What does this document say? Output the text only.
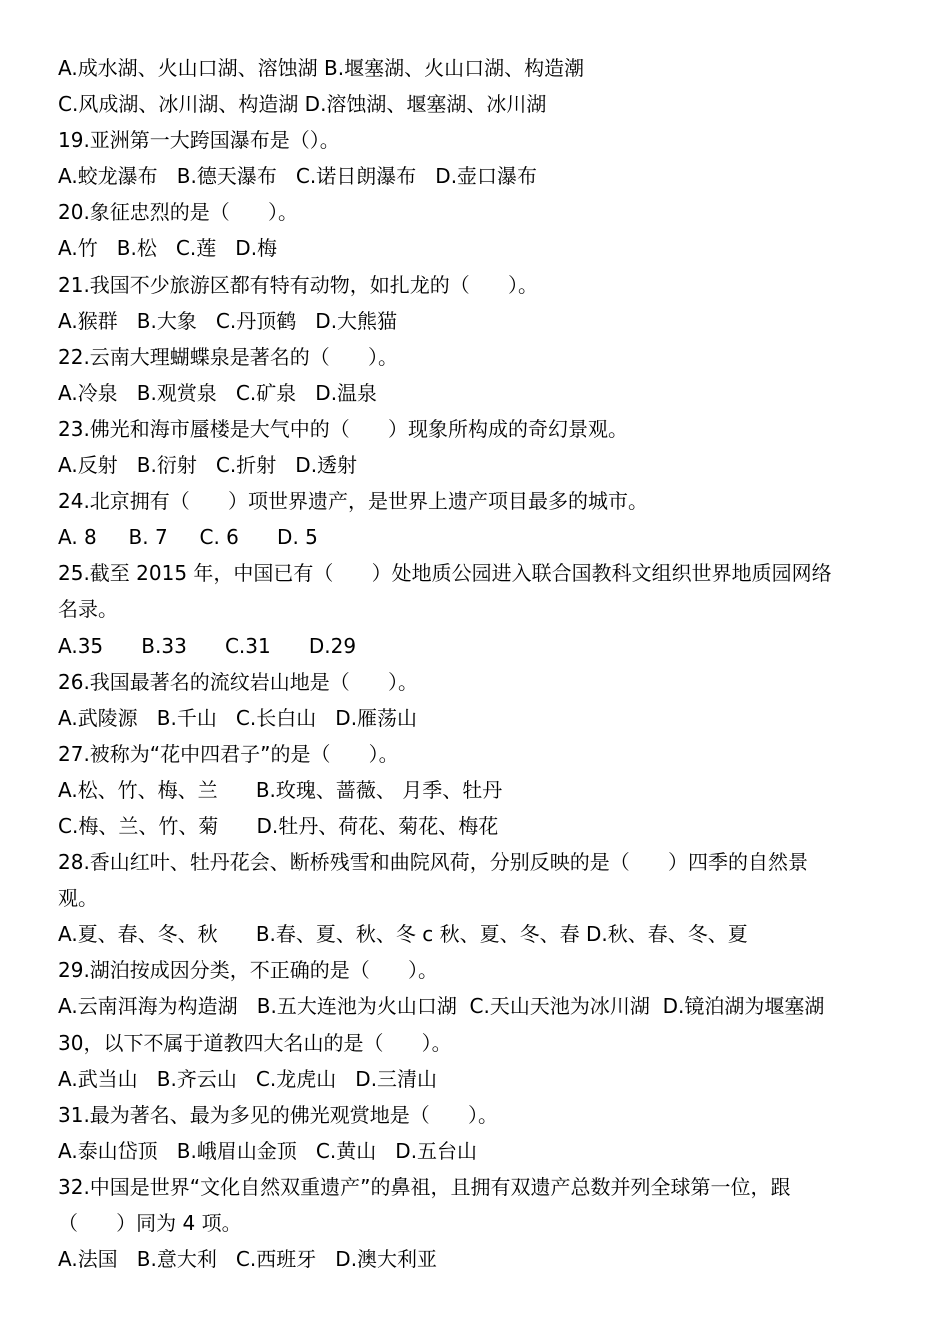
A.成水湖、火山口湖、溶蚀湖 B.堰塞湖、火山口湖、构造潮
C.风成湖、冰川湖、构造湖 D.溶蚀湖、堰塞湖、冰川湖
19.亚洲第一大跨国瀑布是（）。
A.蛟龙瀑布   B.德天瀑布   C.诺日朗瀑布   D.壶口瀑布
20.象征忠烈的是（      ）。
A.竹   B.松   C.莲   D.梅
21.我国不少旅游区都有特有动物，如扎龙的（      ）。
A.猴群   B.大象   C.丹顶鹤   D.大熊猫
22.云南大理蝴蝶泉是著名的（      ）。
A.冷泉   B.观赏泉   C.矿泉   D.温泉
23.佛光和海市蜃楼是大气中的（      ）现象所构成的奇幻景观。
A.反射   B.衍射   C.折射   D.透射
24.北京拥有（      ）项世界遗产，是世界上遗产项目最多的城市。
A. 8     B. 7     C. 6      D. 5
25.截至 2015 年，中国已有（      ）处地质公园进入联合国教科文组织世界地质园网络
名录。
A.35      B.33      C.31      D.29
26.我国最著名的流纹岩山地是（      ）。
A.武陵源   B.千山   C.长白山   D.雁荡山
27.被称为“花中四君子”的是（      ）。
A.松、竹、梅、兰      B.玫瑰、蔷薇、 月季、牡丹
C.梅、兰、竹、菊      D.牡丹、荷花、菊花、梅花
28.香山红叶、牡丹花会、断桥残雪和曲院风荷，分别反映的是（      ）四季的自然景
观。
A.夏、春、冬、秋      B.春、夏、秋、冬 c 秋、夏、冬、春 D.秋、春、冬、夏
29.湖泊按成因分类，不正确的是（      ）。
A.云南洱海为构造湖   B.五大连池为火山口湖  C.天山天池为冰川湖  D.镜泊湖为堰塞湖
30，以下不属于道教四大名山的是（      ）。
A.武当山   B.齐云山   C.龙虎山   D.三清山
31.最为著名、最为多见的佛光观赏地是（      ）。
A.泰山岱顶   B.峨眉山金顶   C.黄山   D.五台山
32.中国是世界“文化自然双重遗产”的鼻祖，且拥有双遗产总数并列全球第一位，跟
（      ）同为 4 项。
A.法国   B.意大利   C.西班牙   D.澳大利亚
